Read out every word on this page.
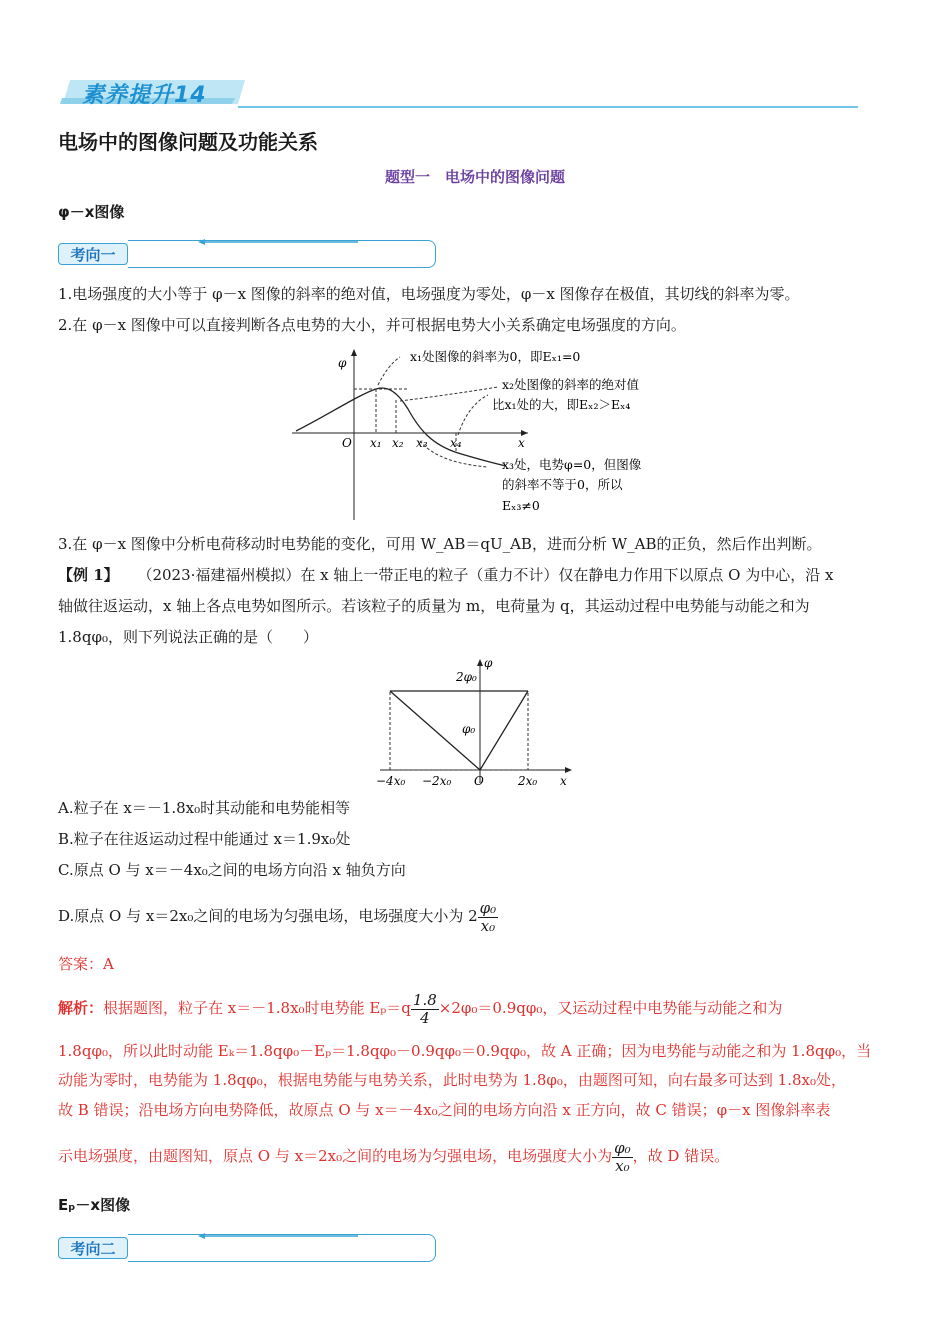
素养提升14
电场中的图像问题及功能关系
题型一　电场中的图像问题
φ－x图像
考向一
1.电场强度的大小等于 φ－x 图像的斜率的绝对值，电场强度为零处，φ－x 图像存在极值，其切线的斜率为零。
2.在 φ－x 图像中可以直接判断各点电势的大小，并可根据电势大小关系确定电场强度的方向。
φ
x
O x₁ x₂ x₃ x₄
x₁处图像的斜率为0，即Eₓ₁=0
x₂处图像的斜率的绝对值
比x₁处的大，即Eₓ₂＞Eₓ₄
x₃处，电势φ=0，但图像
的斜率不等于0，所以
Eₓ₃≠0
3.在 φ－x 图像中分析电荷移动时电势能的变化，可用 W_AB＝qU_AB，进而分析 W_AB的正负，然后作出判断。
【例 1】 （2023·福建福州模拟）在 x 轴上一带正电的粒子（重力不计）仅在静电力作用下以原点 O 为中心，沿 x
轴做往返运动，x 轴上各点电势如图所示。若该粒子的质量为 m，电荷量为 q，其运动过程中电势能与动能之和为
1.8qφ₀，则下列说法正确的是（　　）
φ
2φ₀
φ₀
−4x₀ −2x₀ O	2x₀ x
A.粒子在 x＝－1.8x₀时其动能和电势能相等
B.粒子在往返运动过程中能通过 x＝1.9x₀处
C.原点 O 与 x＝－4x₀之间的电场方向沿 x 轴负方向
D.原点 O 与 x＝2x₀之间的电场为匀强电场，电场强度大小为 $2 \frac{\text{φ₀}}{\text{x₀}}$
答案：A
解析：根据题图，粒子在 x＝－1.8x₀时电势能 $E_p=q \frac{1.8}{4} \times 2\varphi_0=0.9q\varphi_0$，又运动过程中电势能与动能之和为
1.8qφ₀，所以此时动能 Eₖ＝1.8qφ₀－Eₚ＝1.8qφ₀－0.9qφ₀＝0.9qφ₀，故 A 正确；因为电势能与动能之和为 1.8qφ₀，当
动能为零时，电势能为 1.8qφ₀，根据电势能与电势关系，此时电势为 1.8φ₀，由题图可知，向右最多可达到 1.8x₀处，
故 B 错误；沿电场方向电势降低，故原点 O 与 x＝－4x₀之间的电场方向沿 x 正方向，故 C 错误；φ－x 图像斜率表
示电场强度，由题图知，原点 O 与 x＝2x₀之间的电场为匀强电场，电场强度大小为 $\frac{\text{φ₀}}{\text{x₀}}$ ，故 D 错误。
Eₚ－x图像
考向二
